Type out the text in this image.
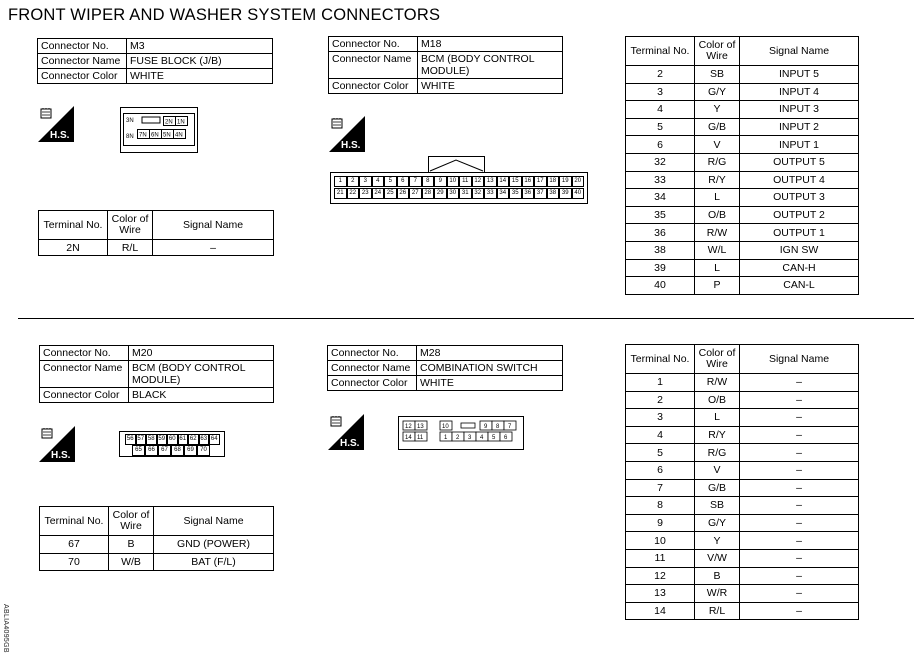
FRONT WIPER AND WASHER SYSTEM CONNECTORS
Connector No.	M3
Connector Name	FUSE BLOCK (J/B)
Connector Color	WHITE
H.S.
3N	2N 1N
8N 7N 6N 5N 4N
Terminal No.	Color of Wire	Signal Name
2N	R/L	–
Connector No.	M18
Connector Name	BCM (BODY CONTROL MODULE)
Connector Color	WHITE
H.S.
1	2	3	4	5	6	7	8	9	10	11	12 13 14 15 16 17 18 19 20
21 22 23 24 25 26 27 28 29 30 31 32 33 34 35 36 37 38 39 40
Terminal No.	Color of Wire	Signal Name
2	SB	INPUT 5
3	G/Y	INPUT 4
4	Y	INPUT 3
5	G/B	INPUT 2
6	V	INPUT 1
32	R/G	OUTPUT 5
33	R/Y	OUTPUT 4
34	L	OUTPUT 3
35	O/B	OUTPUT 2
36	R/W	OUTPUT 1
38	W/L	IGN SW
39	L	CAN-H
40	P	CAN-L
Connector No.	M20
Connector Name	BCM (BODY CONTROL MODULE)
Connector Color	BLACK
H.S.
56 57 58 59 60 61 62 63 64
65	66	67	68	69	70
Terminal No.	Color of Wire	Signal Name
67	B	GND (POWER)
70	W/B	BAT (F/L)
Connector No.	M28
Connector Name	COMBINATION SWITCH
Connector Color	WHITE
H.S.
12 13
14 11
10	9 8 7
1 2 3 4 5 6
Terminal No.	Color of Wire	Signal Name
1	R/W	–
2	O/B	–
3	L	–
4	R/Y	–
5	R/G	–
6	V	–
7	G/B	–
8	SB	–
9	G/Y	–
10	Y	–
11	V/W	–
12	B	–
13	W/R	–
14	R/L	–
ABLIA4095GB
